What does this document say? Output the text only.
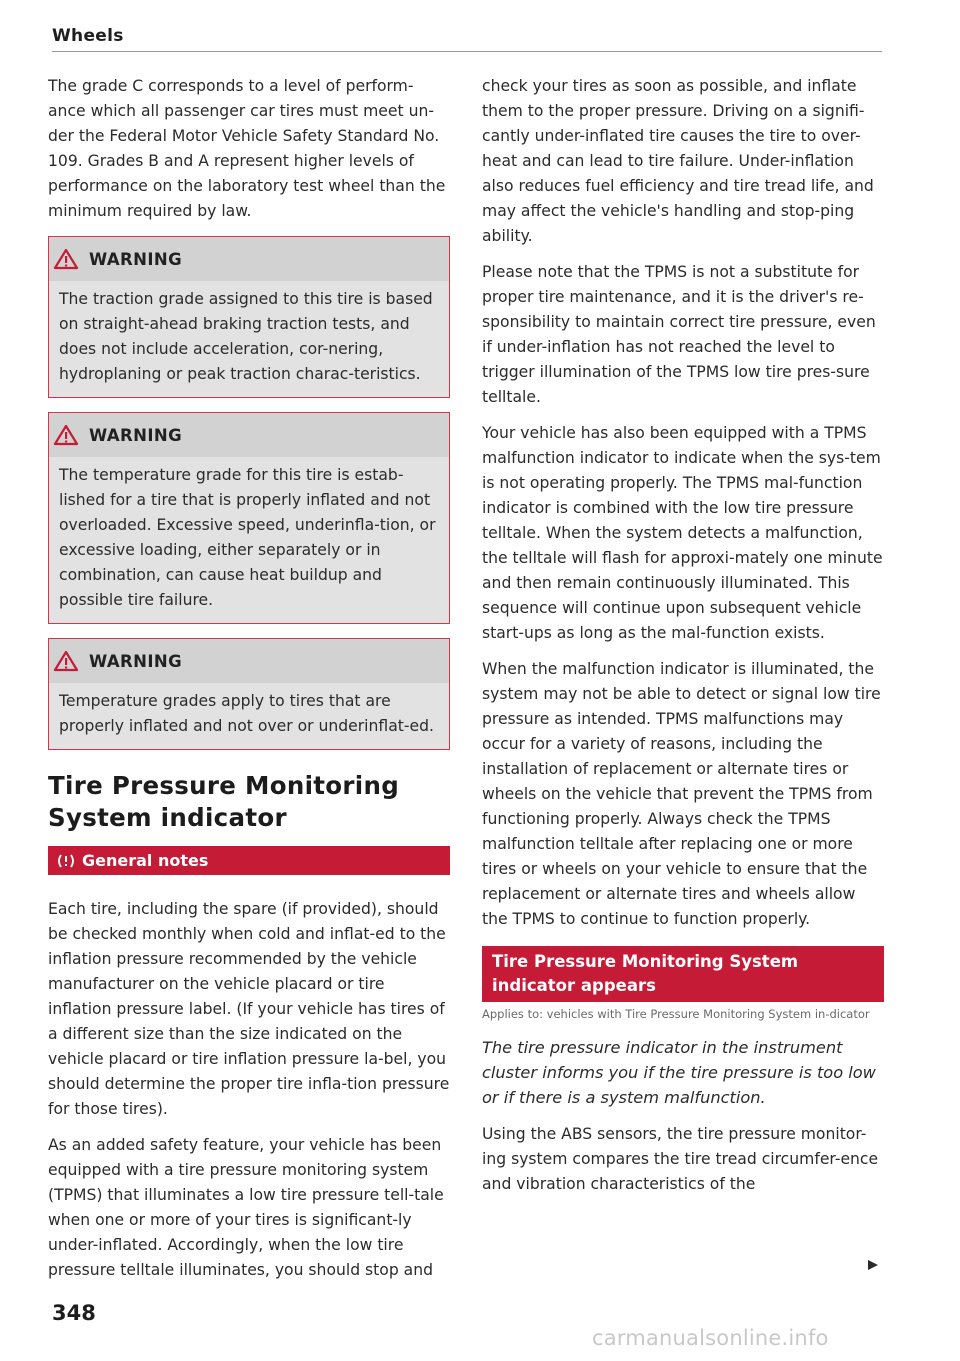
Wheels

The grade C corresponds to a level of perform-ance which all passenger car tires must meet un-der the Federal Motor Vehicle Safety Standard No. 109. Grades B and A represent higher levels of performance on the laboratory test wheel than the minimum required by law.

WARNING
The traction grade assigned to this tire is based on straight-ahead braking traction tests, and does not include acceleration, cor-nering, hydroplaning or peak traction charac-teristics.
WARNING
The temperature grade for this tire is estab-lished for a tire that is properly inflated and not overloaded. Excessive speed, underinfla-tion, or excessive loading, either separately or in combination, can cause heat buildup and possible tire failure.
WARNING
Temperature grades apply to tires that are properly inflated and not over or underinflat-ed.
Tire Pressure Monitoring System indicator
General notes

Each tire, including the spare (if provided), should be checked monthly when cold and inflat-ed to the inflation pressure recommended by the vehicle manufacturer on the vehicle placard or tire inflation pressure label. (If your vehicle has tires of a different size than the size indicated on the vehicle placard or tire inflation pressure la-bel, you should determine the proper tire infla-tion pressure for those tires).

As an added safety feature, your vehicle has been equipped with a tire pressure monitoring system (TPMS) that illuminates a low tire pressure tell-tale when one or more of your tires is significant-ly under-inflated. Accordingly, when the low tire pressure telltale illuminates, you should stop and

check your tires as soon as possible, and inflate them to the proper pressure. Driving on a signifi-cantly under-inflated tire causes the tire to over-heat and can lead to tire failure. Under-inflation also reduces fuel efficiency and tire tread life, and may affect the vehicle's handling and stop-ping ability.

Please note that the TPMS is not a substitute for proper tire maintenance, and it is the driver's re-sponsibility to maintain correct tire pressure, even if under-inflation has not reached the level to trigger illumination of the TPMS low tire pres-sure telltale.

Your vehicle has also been equipped with a TPMS malfunction indicator to indicate when the sys-tem is not operating properly. The TPMS mal-function indicator is combined with the low tire pressure telltale. When the system detects a malfunction, the telltale will flash for approxi-mately one minute and then remain continuously illuminated. This sequence will continue upon subsequent vehicle start-ups as long as the mal-function exists.

When the malfunction indicator is illuminated, the system may not be able to detect or signal low tire pressure as intended. TPMS malfunctions may occur for a variety of reasons, including the installation of replacement or alternate tires or wheels on the vehicle that prevent the TPMS from functioning properly. Always check the TPMS malfunction telltale after replacing one or more tires or wheels on your vehicle to ensure that the replacement or alternate tires and wheels allow the TPMS to continue to function properly.

Tire Pressure Monitoring System indicator appears
Applies to: vehicles with Tire Pressure Monitoring System in-dicator

The tire pressure indicator in the instrument cluster informs you if the tire pressure is too low or if there is a system malfunction.

Using the ABS sensors, the tire pressure monitor-ing system compares the tire tread circumfer-ence and vibration characteristics of the

348
carmanualsonline.info
